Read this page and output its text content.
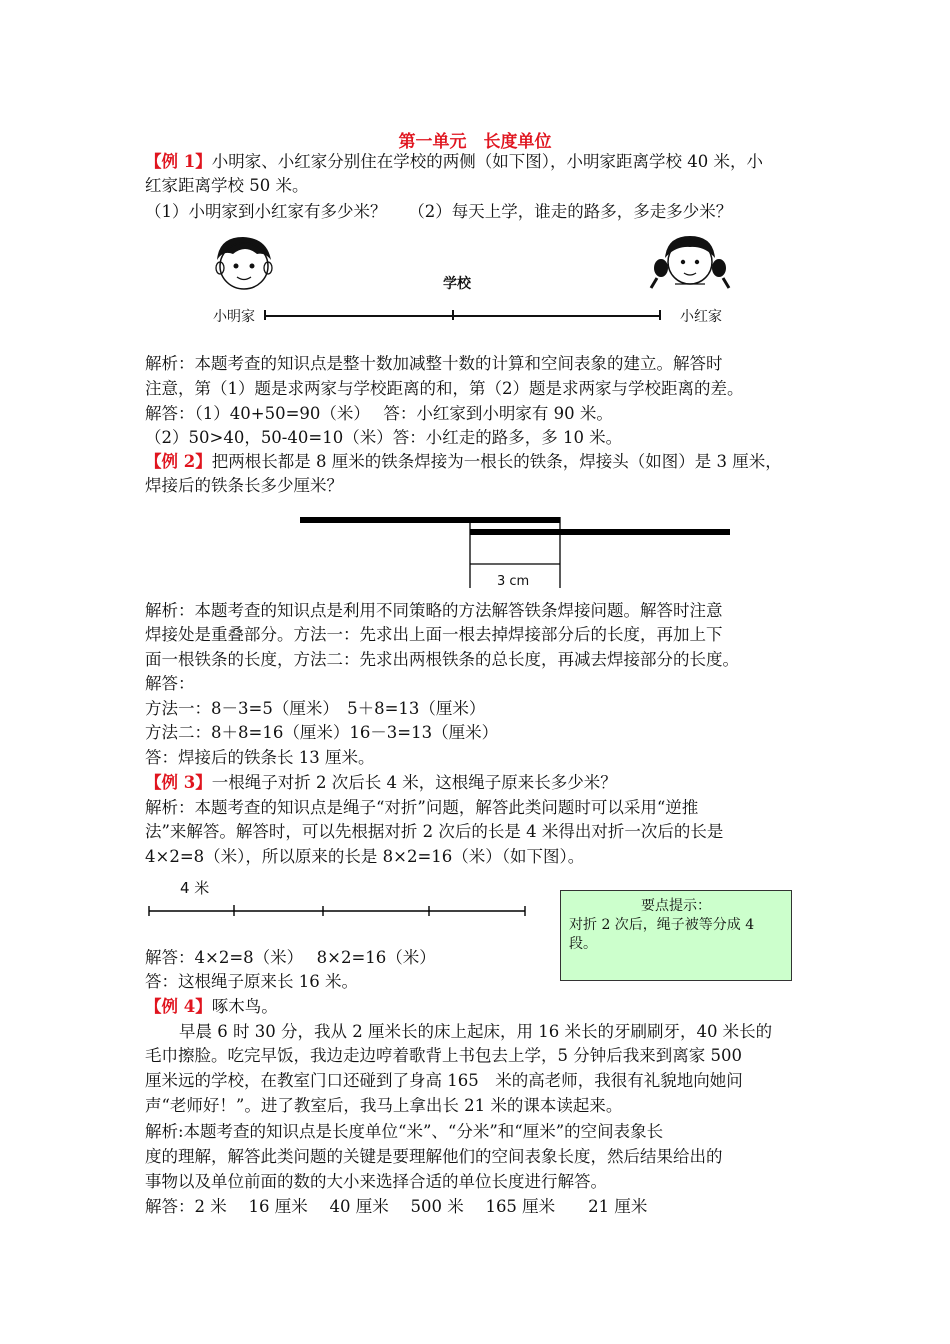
第一单元　长度单位
【例 1】小明家、小红家分别住在学校的两侧（如下图），小明家距离学校 40 米，小
红家距离学校 50 米。
（1）小明家到小红家有多少米？　 （2）每天上学，谁走的路多，多走多少米？
学校
小明家	小红家
解析：本题考查的知识点是整十数加减整十数的计算和空间表象的建立。解答时
注意，第（1）题是求两家与学校距离的和，第（2）题是求两家与学校距离的差。
解答：（1）40+50=90（米）　 答：小红家到小明家有 90 米。
（2）50>40，50-40=10（米）答：小红走的路多，多 10 米。
【例 2】把两根长都是 8 厘米的铁条焊接为一根长的铁条，焊接头（如图）是 3 厘米，
焊接后的铁条长多少厘米？
3 cm
解析：本题考查的知识点是利用不同策略的方法解答铁条焊接问题。解答时注意
焊接处是重叠部分。方法一：先求出上面一根去掉焊接部分后的长度，再加上下
面一根铁条的长度，方法二：先求出两根铁条的总长度，再减去焊接部分的长度。
解答：
方法一：8－3=5（厘米）　5＋8=13（厘米）
方法二：8＋8=16（厘米）16－3=13（厘米）
答：焊接后的铁条长 13 厘米。
【例 3】一根绳子对折 2 次后长 4 米，这根绳子原来长多少米？
解析：本题考查的知识点是绳子“对折”问题，解答此类问题时可以采用“逆推
法”来解答。解答时，可以先根据对折 2 次后的长是 4 米得出对折一次后的长是
4×2=8（米），所以原来的长是 8×2=16（米）（如下图）。
4 米
要点提示：
对折 2 次后，绳子被等分成 4
段。
解答：4×2=8（米）　 8×2=16（米）
答：这根绳子原来长 16 米。
【例 4】啄木鸟。
早晨 6 时 30 分，我从 2 厘米长的床上起床，用 16 米长的牙刷刷牙，40 米长的
毛巾擦脸。吃完早饭，我边走边哼着歌背上书包去上学，5 分钟后我来到离家 500
厘米远的学校，在教室门口还碰到了身高 165　米的高老师，我很有礼貌地向她问
声“老师好！”。进了教室后，我马上拿出长 21 米的课本读起来。
解析:本题考查的知识点是长度单位“米”、“分米”和“厘米”的空间表象长
度的理解，解答此类问题的关键是要理解他们的空间表象长度，然后结果给出的
事物以及单位前面的数的大小来选择合适的单位长度进行解答。
解答：2 米　 16 厘米　 40 厘米　 500 米　 165 厘米　　21 厘米
